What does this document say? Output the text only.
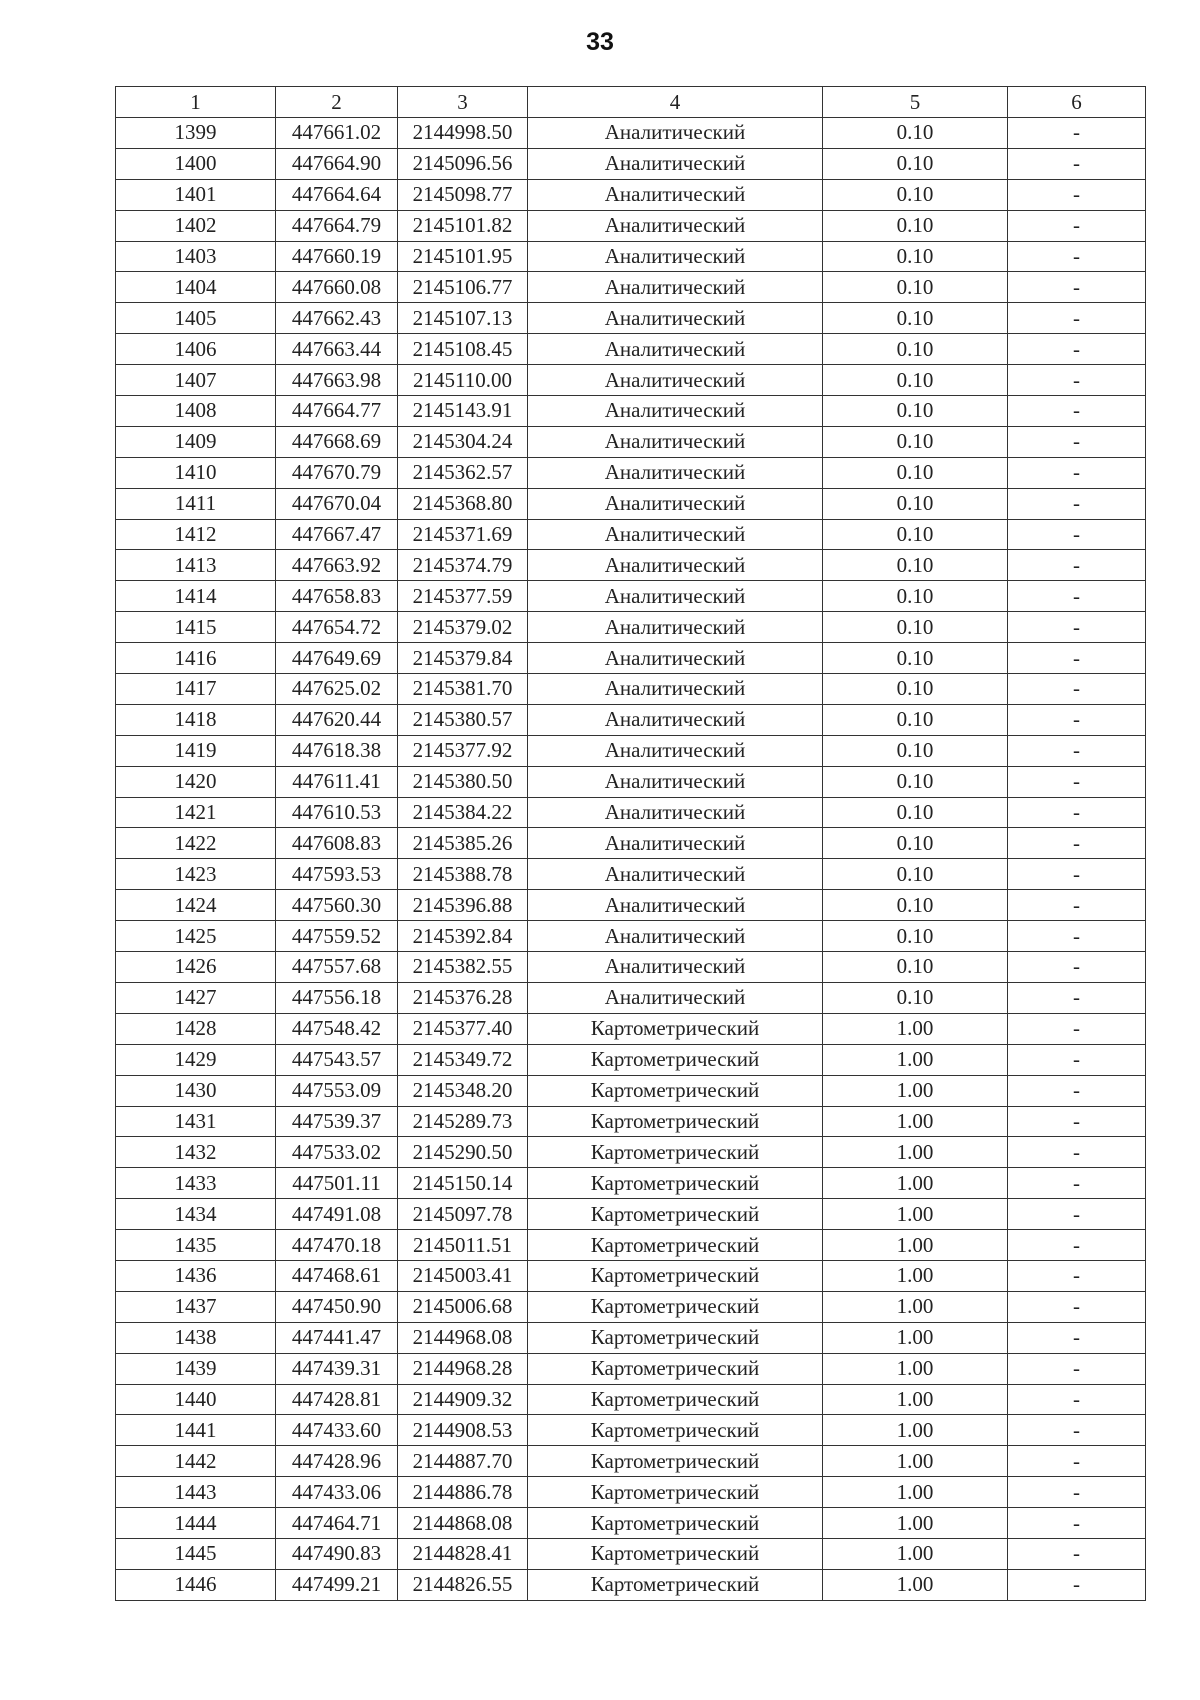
33
1	2	3	4	5	6
1399	447661.02	2144998.50	Аналитический	0.10	-
1400	447664.90	2145096.56	Аналитический	0.10	-
1401	447664.64	2145098.77	Аналитический	0.10	-
1402	447664.79	2145101.82	Аналитический	0.10	-
1403	447660.19	2145101.95	Аналитический	0.10	-
1404	447660.08	2145106.77	Аналитический	0.10	-
1405	447662.43	2145107.13	Аналитический	0.10	-
1406	447663.44	2145108.45	Аналитический	0.10	-
1407	447663.98	2145110.00	Аналитический	0.10	-
1408	447664.77	2145143.91	Аналитический	0.10	-
1409	447668.69	2145304.24	Аналитический	0.10	-
1410	447670.79	2145362.57	Аналитический	0.10	-
1411	447670.04	2145368.80	Аналитический	0.10	-
1412	447667.47	2145371.69	Аналитический	0.10	-
1413	447663.92	2145374.79	Аналитический	0.10	-
1414	447658.83	2145377.59	Аналитический	0.10	-
1415	447654.72	2145379.02	Аналитический	0.10	-
1416	447649.69	2145379.84	Аналитический	0.10	-
1417	447625.02	2145381.70	Аналитический	0.10	-
1418	447620.44	2145380.57	Аналитический	0.10	-
1419	447618.38	2145377.92	Аналитический	0.10	-
1420	447611.41	2145380.50	Аналитический	0.10	-
1421	447610.53	2145384.22	Аналитический	0.10	-
1422	447608.83	2145385.26	Аналитический	0.10	-
1423	447593.53	2145388.78	Аналитический	0.10	-
1424	447560.30	2145396.88	Аналитический	0.10	-
1425	447559.52	2145392.84	Аналитический	0.10	-
1426	447557.68	2145382.55	Аналитический	0.10	-
1427	447556.18	2145376.28	Аналитический	0.10	-
1428	447548.42	2145377.40	Картометрический	1.00	-
1429	447543.57	2145349.72	Картометрический	1.00	-
1430	447553.09	2145348.20	Картометрический	1.00	-
1431	447539.37	2145289.73	Картометрический	1.00	-
1432	447533.02	2145290.50	Картометрический	1.00	-
1433	447501.11	2145150.14	Картометрический	1.00	-
1434	447491.08	2145097.78	Картометрический	1.00	-
1435	447470.18	2145011.51	Картометрический	1.00	-
1436	447468.61	2145003.41	Картометрический	1.00	-
1437	447450.90	2145006.68	Картометрический	1.00	-
1438	447441.47	2144968.08	Картометрический	1.00	-
1439	447439.31	2144968.28	Картометрический	1.00	-
1440	447428.81	2144909.32	Картометрический	1.00	-
1441	447433.60	2144908.53	Картометрический	1.00	-
1442	447428.96	2144887.70	Картометрический	1.00	-
1443	447433.06	2144886.78	Картометрический	1.00	-
1444	447464.71	2144868.08	Картометрический	1.00	-
1445	447490.83	2144828.41	Картометрический	1.00	-
1446	447499.21	2144826.55	Картометрический	1.00	-
